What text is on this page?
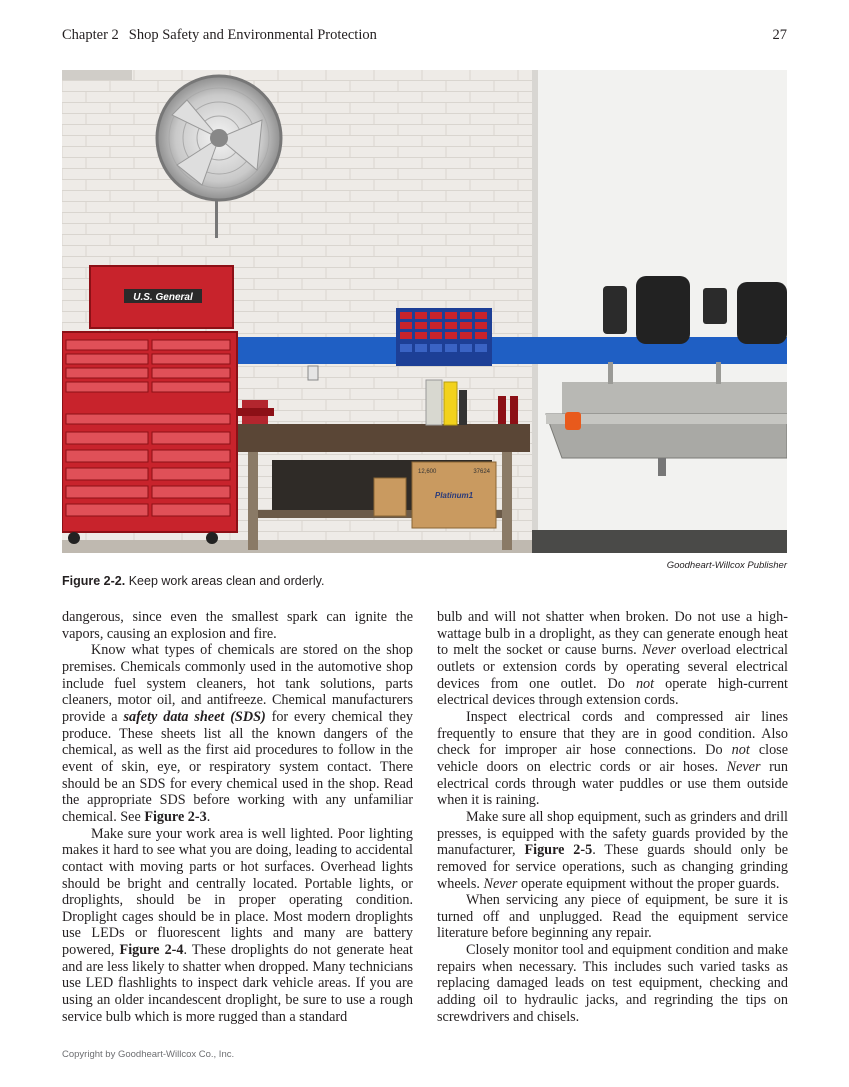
Chapter 2 Shop Safety and Environmental Protection	27
U.S. General
12,600	37624
Platinum1
Goodheart-Willcox Publisher
Figure 2-2. Keep work areas clean and orderly.

dangerous, since even the smallest spark can ignite the vapors, causing an explosion and fire.

Know what types of chemicals are stored on the shop premises. Chemicals commonly used in the automotive shop include fuel system cleaners, hot tank solutions, parts cleaners, motor oil, and antifreeze. Chemical manufacturers provide a safety data sheet (SDS) for every chemical they produce. These sheets list all the known dangers of the chemical, as well as the first aid procedures to follow in the event of skin, eye, or respiratory system contact. There should be an SDS for every chemical used in the shop. Read the appropriate SDS before working with any unfamiliar chemical. See Figure 2-3.

Make sure your work area is well lighted. Poor lighting makes it hard to see what you are doing, leading to accidental contact with moving parts or hot surfaces. Overhead lights should be bright and centrally located. Portable lights, or droplights, should be in proper operating condition. Droplight cages should be in place. Most modern droplights use LEDs or fluorescent lights and many are battery powered, Figure 2-4. These droplights do not generate heat and are less likely to shatter when dropped. Many technicians use LED flashlights to inspect dark vehicle areas. If you are using an older incandescent droplight, be sure to use a rough service bulb which is more rugged than a standard

bulb and will not shatter when broken. Do not use a high-wattage bulb in a droplight, as they can generate enough heat to melt the socket or cause burns. Never overload electrical outlets or extension cords by operating several electrical devices from one outlet. Do not operate high-current electrical devices through extension cords.

Inspect electrical cords and compressed air lines frequently to ensure that they are in good condition. Also check for improper air hose connections. Do not close vehicle doors on electric cords or air hoses. Never run electrical cords through water puddles or use them outside when it is raining.

Make sure all shop equipment, such as grinders and drill presses, is equipped with the safety guards provided by the manufacturer, Figure 2-5. These guards should only be removed for service operations, such as changing grinding wheels. Never operate equipment without the proper guards.

When servicing any piece of equipment, be sure it is turned off and unplugged. Read the equipment service literature before beginning any repair.

Closely monitor tool and equipment condition and make repairs when necessary. This includes such varied tasks as replacing damaged leads on test equipment, checking and adding oil to hydraulic jacks, and regrinding the tips on screwdrivers and chisels.

Copyright by Goodheart-Willcox Co., Inc.
